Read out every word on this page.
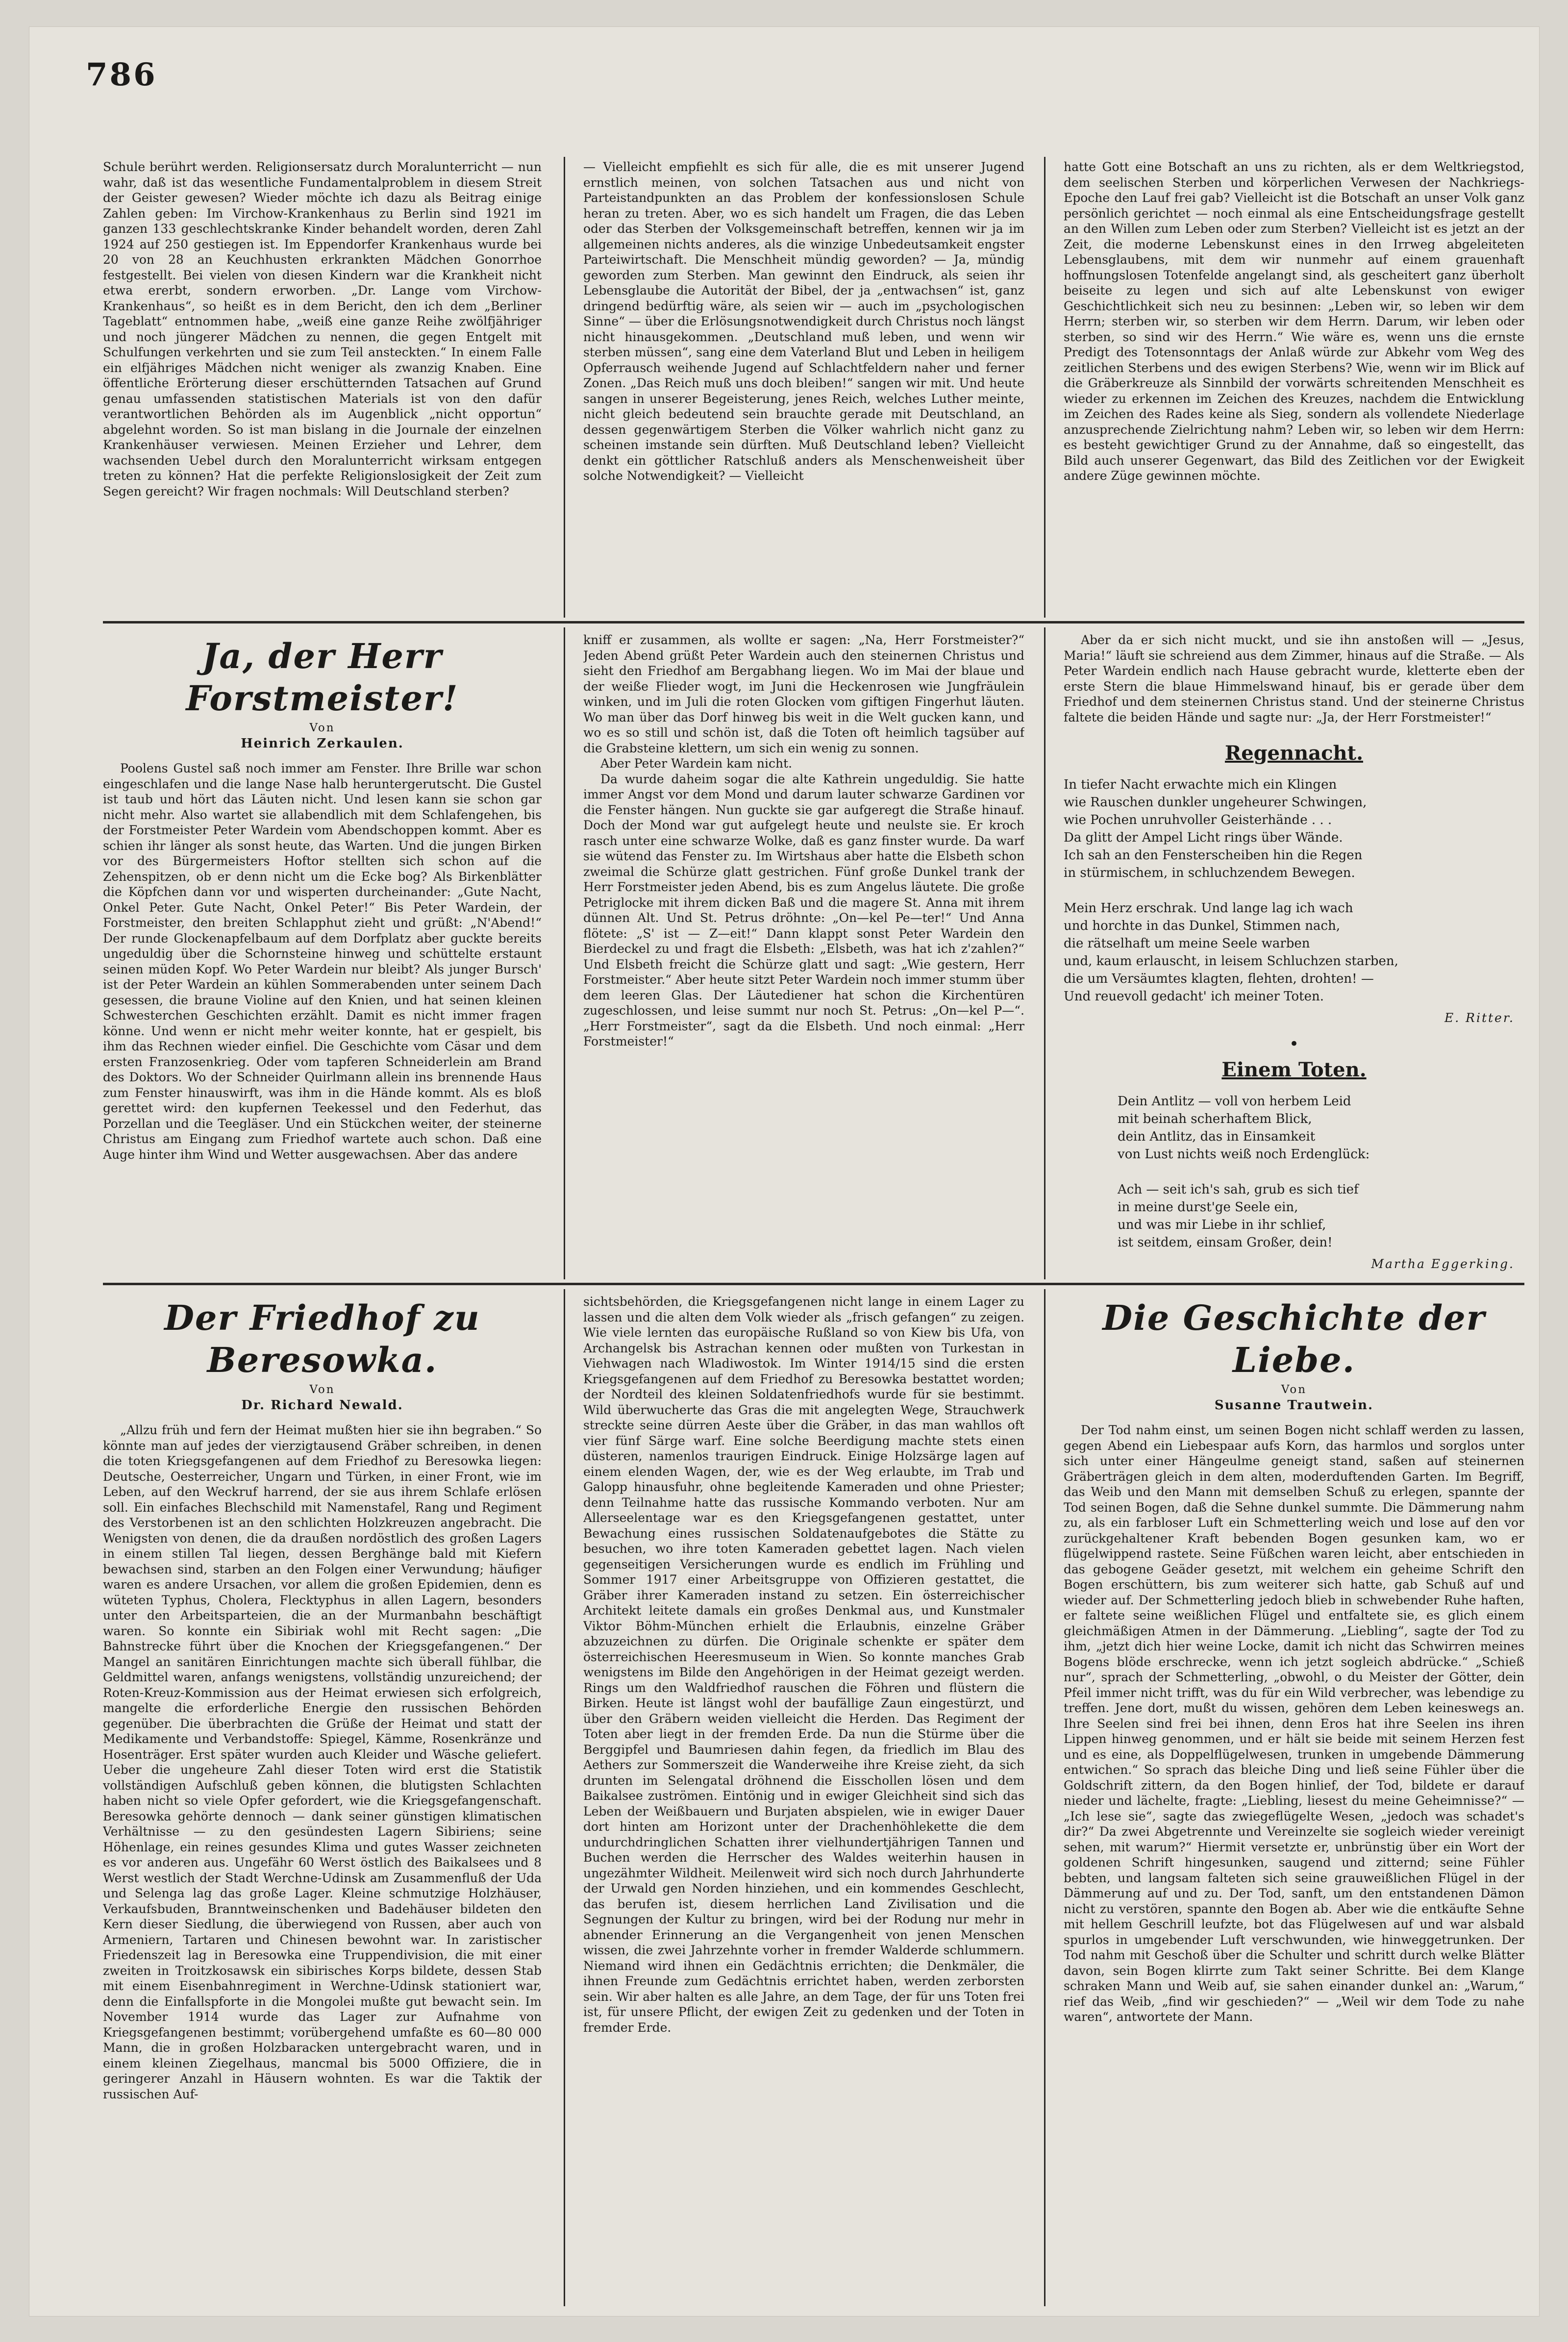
786

Schule berührt werden. Religionsersatz durch Moralunterricht — nun wahr, daß ist das wesentliche Fundamentalproblem in diesem Streit der Geister gewesen? Wieder möchte ich dazu als Beitrag einige Zahlen geben: Im Virchow-Krankenhaus zu Berlin sind 1921 im ganzen 133 geschlechtskranke Kinder behandelt worden, deren Zahl 1924 auf 250 gestiegen ist. Im Eppendorfer Krankenhaus wurde bei 20 von 28 an Keuchhusten erkrankten Mädchen Gonorrhoe festgestellt. Bei vielen von diesen Kindern war die Krankheit nicht etwa ererbt, sondern erworben. „Dr. Lange vom Virchow-Krankenhaus“, so heißt es in dem Bericht, den ich dem „Berliner Tageblatt“ entnommen habe, „weiß eine ganze Reihe zwölfjähriger und noch jüngerer Mädchen zu nennen, die gegen Entgelt mit Schulfungen verkehrten und sie zum Teil ansteckten.“ In einem Falle ein elfjähriges Mädchen nicht weniger als zwanzig Knaben. Eine öffentliche Erörterung dieser erschütternden Tatsachen auf Grund genau umfassenden statistischen Materials ist von den dafür verantwortlichen Behörden als im Augenblick „nicht opportun“ abgelehnt worden. So ist man bislang in die Journale der einzelnen Krankenhäuser verwiesen. Meinen Erzieher und Lehrer, dem wachsenden Uebel durch den Moralunterricht wirksam entgegen treten zu können? Hat die perfekte Religionslosigkeit der Zeit zum Segen gereicht? Wir fragen nochmals: Will Deutschland sterben?

— Vielleicht empfiehlt es sich für alle, die es mit unserer Jugend ernstlich meinen, von solchen Tatsachen aus und nicht von Parteistandpunkten an das Problem der konfessionslosen Schule heran zu treten. Aber, wo es sich handelt um Fragen, die das Leben oder das Sterben der Volksgemeinschaft betreffen, kennen wir ja im allgemeinen nichts anderes, als die winzige Unbedeutsamkeit engster Parteiwirtschaft. Die Menschheit mündig geworden? — Ja, mündig geworden zum Sterben. Man gewinnt den Eindruck, als seien ihr Lebensglaube die Autorität der Bibel, der ja „entwachsen“ ist, ganz dringend bedürftig wäre, als seien wir — auch im „psychologischen Sinne“ — über die Erlösungsnotwendigkeit durch Christus noch längst nicht hinausgekommen. „Deutschland muß leben, und wenn wir sterben müssen“, sang eine dem Vaterland Blut und Leben in heiligem Opferrausch weihende Jugend auf Schlachtfeldern naher und ferner Zonen. „Das Reich muß uns doch bleiben!“ sangen wir mit. Und heute sangen in unserer Begeisterung, jenes Reich, welches Luther meinte, nicht gleich bedeutend sein brauchte gerade mit Deutschland, an dessen gegenwärtigem Sterben die Völker wahrlich nicht ganz zu scheinen imstande sein dürften. Muß Deutschland leben? Vielleicht denkt ein göttlicher Ratschluß anders als Menschenweisheit über solche Notwendigkeit? — Vielleicht

hatte Gott eine Botschaft an uns zu richten, als er dem Weltkriegstod, dem seelischen Sterben und körperlichen Verwesen der Nachkriegs-Epoche den Lauf frei gab? Vielleicht ist die Botschaft an unser Volk ganz persönlich gerichtet — noch einmal als eine Entscheidungsfrage gestellt an den Willen zum Leben oder zum Sterben? Vielleicht ist es jetzt an der Zeit, die moderne Lebenskunst eines in den Irrweg abgeleiteten Lebensglaubens, mit dem wir nunmehr auf einem grauenhaft hoffnungslosen Totenfelde angelangt sind, als gescheitert ganz überholt beiseite zu legen und sich auf alte Lebenskunst von ewiger Geschichtlichkeit sich neu zu besinnen: „Leben wir, so leben wir dem Herrn; sterben wir, so sterben wir dem Herrn. Darum, wir leben oder sterben, so sind wir des Herrn.“ Wie wäre es, wenn uns die ernste Predigt des Totensonntags der Anlaß würde zur Abkehr vom Weg des zeitlichen Sterbens und des ewigen Sterbens? Wie, wenn wir im Blick auf die Gräberkreuze als Sinnbild der vorwärts schreitenden Menschheit es wieder zu erkennen im Zeichen des Kreuzes, nachdem die Entwicklung im Zeichen des Rades keine als Sieg, sondern als vollendete Niederlage anzusprechende Zielrichtung nahm? Leben wir, so leben wir dem Herrn: es besteht gewichtiger Grund zu der Annahme, daß so eingestellt, das Bild auch unserer Gegenwart, das Bild des Zeitlichen vor der Ewigkeit andere Züge gewinnen möchte.

Ja, der Herr Forstmeister!
Von
Heinrich Zerkaulen.

Poolens Gustel saß noch immer am Fenster. Ihre Brille war schon eingeschlafen und die lange Nase halb heruntergerutscht. Die Gustel ist taub und hört das Läuten nicht. Und lesen kann sie schon gar nicht mehr. Also wartet sie allabendlich mit dem Schlafengehen, bis der Forstmeister Peter Wardein vom Abendschoppen kommt. Aber es schien ihr länger als sonst heute, das Warten. Und die jungen Birken vor des Bürgermeisters Hoftor stellten sich schon auf die Zehenspitzen, ob er denn nicht um die Ecke bog? Als Birkenblätter die Köpfchen dann vor und wisperten durcheinander: „Gute Nacht, Onkel Peter. Gute Nacht, Onkel Peter!“ Bis Peter Wardein, der Forstmeister, den breiten Schlapphut zieht und grüßt: „N'Abend!“ Der runde Glockenapfelbaum auf dem Dorfplatz aber guckte bereits ungeduldig über die Schornsteine hinweg und schüttelte erstaunt seinen müden Kopf. Wo Peter Wardein nur bleibt? Als junger Bursch' ist der Peter Wardein an kühlen Sommerabenden unter seinem Dach gesessen, die braune Violine auf den Knien, und hat seinen kleinen Schwesterchen Geschichten erzählt. Damit es nicht immer fragen könne. Und wenn er nicht mehr weiter konnte, hat er gespielt, bis ihm das Rechnen wieder einfiel. Die Geschichte vom Cäsar und dem ersten Franzosenkrieg. Oder vom tapferen Schneiderlein am Brand des Doktors. Wo der Schneider Quirlmann allein ins brennende Haus zum Fenster hinauswirft, was ihm in die Hände kommt. Als es bloß gerettet wird: den kupfernen Teekessel und den Federhut, das Porzellan und die Teegläser. Und ein Stückchen weiter, der steinerne Christus am Eingang zum Friedhof wartete auch schon. Daß eine Auge hinter ihm Wind und Wetter ausgewachsen. Aber das andere

kniff er zusammen, als wollte er sagen: „Na, Herr Forstmeister?“ Jeden Abend grüßt Peter Wardein auch den steinernen Christus und sieht den Friedhof am Bergabhang liegen. Wo im Mai der blaue und der weiße Flieder wogt, im Juni die Heckenrosen wie Jungfräulein winken, und im Juli die roten Glocken vom giftigen Fingerhut läuten. Wo man über das Dorf hinweg bis weit in die Welt gucken kann, und wo es so still und schön ist, daß die Toten oft heimlich tagsüber auf die Grabsteine klettern, um sich ein wenig zu sonnen.

Aber Peter Wardein kam nicht.

Da wurde daheim sogar die alte Kathrein ungeduldig. Sie hatte immer Angst vor dem Mond und darum lauter schwarze Gardinen vor die Fenster hängen. Nun guckte sie gar aufgeregt die Straße hinauf. Doch der Mond war gut aufgelegt heute und neulste sie. Er kroch rasch unter eine schwarze Wolke, daß es ganz finster wurde. Da warf sie wütend das Fenster zu. Im Wirtshaus aber hatte die Elsbeth schon zweimal die Schürze glatt gestrichen. Fünf große Dunkel trank der Herr Forstmeister jeden Abend, bis es zum Angelus läutete. Die große Petriglocke mit ihrem dicken Baß und die magere St. Anna mit ihrem dünnen Alt. Und St. Petrus dröhnte: „On—kel Pe—ter!“ Und Anna flötete: „S' ist — Z—eit!“ Dann klappt sonst Peter Wardein den Bierdeckel zu und fragt die Elsbeth: „Elsbeth, was hat ich z'zahlen?“ Und Elsbeth freicht die Schürze glatt und sagt: „Wie gestern, Herr Forstmeister.“ Aber heute sitzt Peter Wardein noch immer stumm über dem leeren Glas. Der Läutediener hat schon die Kirchentüren zugeschlossen, und leise summt nur noch St. Petrus: „On—kel P—“. „Herr Forstmeister“, sagt da die Elsbeth. Und noch einmal: „Herr Forstmeister!“

Aber da er sich nicht muckt, und sie ihn anstoßen will — „Jesus, Maria!“ läuft sie schreiend aus dem Zimmer, hinaus auf die Straße. — Als Peter Wardein endlich nach Hause gebracht wurde, kletterte eben der erste Stern die blaue Himmelswand hinauf, bis er gerade über dem Friedhof und dem steinernen Christus stand. Und der steinerne Christus faltete die beiden Hände und sagte nur: „Ja, der Herr Forstmeister!“

Regennacht.
In tiefer Nacht erwachte mich ein Klingen
wie Rauschen dunkler ungeheurer Schwingen,
wie Pochen unruhvoller Geisterhände . . .
Da glitt der Ampel Licht rings über Wände.
Ich sah an den Fensterscheiben hin die Regen
in stürmischem, in schluchzendem Bewegen.

Mein Herz erschrak. Und lange lag ich wach
und horchte in das Dunkel, Stimmen nach,
die rätselhaft um meine Seele warben
und, kaum erlauscht, in leisem Schluchzen starben,
die um Versäumtes klagten, flehten, drohten! —
Und reuevoll gedacht' ich meiner Toten.
E. Ritter.
•
Einem Toten.
Dein Antlitz — voll von herbem Leid
mit beinah scherhaftem Blick,
dein Antlitz, das in Einsamkeit
von Lust nichts weiß noch Erdenglück:

Ach — seit ich's sah, grub es sich tief
in meine durst'ge Seele ein,
und was mir Liebe in ihr schlief,
ist seitdem, einsam Großer, dein!
Martha Eggerking.
Der Friedhof zu Beresowka.
Von
Dr. Richard Newald.

„Allzu früh und fern der Heimat mußten hier sie ihn begraben.“ So könnte man auf jedes der vierzigtausend Gräber schreiben, in denen die toten Kriegsgefangenen auf dem Friedhof zu Beresowka liegen: Deutsche, Oesterreicher, Ungarn und Türken, in einer Front, wie im Leben, auf den Weckruf harrend, der sie aus ihrem Schlafe erlösen soll. Ein einfaches Blechschild mit Namenstafel, Rang und Regiment des Verstorbenen ist an den schlichten Holzkreuzen angebracht. Die Wenigsten von denen, die da draußen nordöstlich des großen Lagers in einem stillen Tal liegen, dessen Berghänge bald mit Kiefern bewachsen sind, starben an den Folgen einer Verwundung; häufiger waren es andere Ursachen, vor allem die großen Epidemien, denn es wüteten Typhus, Cholera, Flecktyphus in allen Lagern, besonders unter den Arbeitsparteien, die an der Murmanbahn beschäftigt waren. So konnte ein Sibiriak wohl mit Recht sagen: „Die Bahnstrecke führt über die Knochen der Kriegsgefangenen.“ Der Mangel an sanitären Einrichtungen machte sich überall fühlbar, die Geldmittel waren, anfangs wenigstens, vollständig unzureichend; der Roten-Kreuz-Kommission aus der Heimat erwiesen sich erfolgreich, mangelte die erforderliche Energie den russischen Behörden gegenüber. Die überbrachten die Grüße der Heimat und statt der Medikamente und Verbandstoffe: Spiegel, Kämme, Rosenkränze und Hosenträger. Erst später wurden auch Kleider und Wäsche geliefert. Ueber die ungeheure Zahl dieser Toten wird erst die Statistik vollständigen Aufschluß geben können, die blutigsten Schlachten haben nicht so viele Opfer gefordert, wie die Kriegsgefangenschaft. Beresowka gehörte dennoch — dank seiner günstigen klimatischen Verhältnisse — zu den gesündesten Lagern Sibiriens; seine Höhenlage, ein reines gesundes Klima und gutes Wasser zeichneten es vor anderen aus. Ungefähr 60 Werst östlich des Baikalsees und 8 Werst westlich der Stadt Werchne-Udinsk am Zusammenfluß der Uda und Selenga lag das große Lager. Kleine schmutzige Holzhäuser, Verkaufsbuden, Branntweinschenken und Badehäuser bildeten den Kern dieser Siedlung, die überwiegend von Russen, aber auch von Armeniern, Tartaren und Chinesen bewohnt war. In zaristischer Friedenszeit lag in Beresowka eine Truppendivision, die mit einer zweiten in Troitzkosawsk ein sibirisches Korps bildete, dessen Stab mit einem Eisenbahnregiment in Werchne-Udinsk stationiert war, denn die Einfallspforte in die Mongolei mußte gut bewacht sein. Im November 1914 wurde das Lager zur Aufnahme von Kriegsgefangenen bestimmt; vorübergehend umfaßte es 60—80 000 Mann, die in großen Holzbaracken untergebracht waren, und in einem kleinen Ziegelhaus, mancmal bis 5000 Offiziere, die in geringerer Anzahl in Häusern wohnten. Es war die Taktik der russischen Auf-

sichtsbehörden, die Kriegsgefangenen nicht lange in einem Lager zu lassen und die alten dem Volk wieder als „frisch gefangen“ zu zeigen. Wie viele lernten das europäische Rußland so von Kiew bis Ufa, von Archangelsk bis Astrachan kennen oder mußten von Turkestan in Viehwagen nach Wladiwostok. Im Winter 1914/15 sind die ersten Kriegsgefangenen auf dem Friedhof zu Beresowka bestattet worden; der Nordteil des kleinen Soldatenfriedhofs wurde für sie bestimmt. Wild überwucherte das Gras die mit angelegten Wege, Strauchwerk streckte seine dürren Aeste über die Gräber, in das man wahllos oft vier fünf Särge warf. Eine solche Beerdigung machte stets einen düsteren, namenlos traurigen Eindruck. Einige Holzsärge lagen auf einem elenden Wagen, der, wie es der Weg erlaubte, im Trab und Galopp hinausfuhr, ohne begleitende Kameraden und ohne Priester; denn Teilnahme hatte das russische Kommando verboten. Nur am Allerseelentage war es den Kriegsgefangenen gestattet, unter Bewachung eines russischen Soldatenaufgebotes die Stätte zu besuchen, wo ihre toten Kameraden gebettet lagen. Nach vielen gegenseitigen Versicherungen wurde es endlich im Frühling und Sommer 1917 einer Arbeitsgruppe von Offizieren gestattet, die Gräber ihrer Kameraden instand zu setzen. Ein österreichischer Architekt leitete damals ein großes Denkmal aus, und Kunstmaler Viktor Böhm-München erhielt die Erlaubnis, einzelne Gräber abzuzeichnen zu dürfen. Die Originale schenkte er später dem österreichischen Heeresmuseum in Wien. So konnte manches Grab wenigstens im Bilde den Angehörigen in der Heimat gezeigt werden. Rings um den Waldfriedhof rauschen die Föhren und flüstern die Birken. Heute ist längst wohl der baufällige Zaun eingestürzt, und über den Gräbern weiden vielleicht die Herden. Das Regiment der Toten aber liegt in der fremden Erde. Da nun die Stürme über die Berggipfel und Baumriesen dahin fegen, da friedlich im Blau des Aethers zur Sommerszeit die Wanderweihe ihre Kreise zieht, da sich drunten im Selengatal dröhnend die Eisschollen lösen und dem Baikalsee zuströmen. Eintönig und in ewiger Gleichheit sind sich das Leben der Weißbauern und Burjaten abspielen, wie in ewiger Dauer dort hinten am Horizont unter der Drachenhöhlekette die dem undurchdringlichen Schatten ihrer vielhundertjährigen Tannen und Buchen werden die Herrscher des Waldes weiterhin hausen in ungezähmter Wildheit. Meilenweit wird sich noch durch Jahrhunderte der Urwald gen Norden hinziehen, und ein kommendes Geschlecht, das berufen ist, diesem herrlichen Land Zivilisation und die Segnungen der Kultur zu bringen, wird bei der Rodung nur mehr in abnender Erinnerung an die Vergangenheit von jenen Menschen wissen, die zwei Jahrzehnte vorher in fremder Walderde schlummern. Niemand wird ihnen ein Gedächtnis errichten; die Denkmäler, die ihnen Freunde zum Gedächtnis errichtet haben, werden zerborsten sein. Wir aber halten es alle Jahre, an dem Tage, der für uns Toten frei ist, für unsere Pflicht, der ewigen Zeit zu gedenken und der Toten in fremder Erde.

Die Geschichte der Liebe.
Von
Susanne Trautwein.

Der Tod nahm einst, um seinen Bogen nicht schlaff werden zu lassen, gegen Abend ein Liebespaar aufs Korn, das harmlos und sorglos unter sich unter einer Hängeulme geneigt stand, saßen auf steinernen Gräberträgen gleich in dem alten, moderduftenden Garten. Im Begriff, das Weib und den Mann mit demselben Schuß zu erlegen, spannte der Tod seinen Bogen, daß die Sehne dunkel summte. Die Dämmerung nahm zu, als ein farbloser Luft ein Schmetterling weich und lose auf den vor zurückgehaltener Kraft bebenden Bogen gesunken kam, wo er flügelwippend rastete. Seine Füßchen waren leicht, aber entschieden in das gebogene Geäder gesetzt, mit welchem ein geheime Schrift den Bogen erschüttern, bis zum weiterer sich hatte, gab Schuß auf und wieder auf. Der Schmetterling jedoch blieb in schwebender Ruhe haften, er faltete seine weißlichen Flügel und entfaltete sie, es glich einem gleichmäßigen Atmen in der Dämmerung. „Liebling“, sagte der Tod zu ihm, „jetzt dich hier weine Locke, damit ich nicht das Schwirren meines Bogens blöde erschrecke, wenn ich jetzt sogleich abdrücke.“ „Schieß nur“, sprach der Schmetterling, „obwohl, o du Meister der Götter, dein Pfeil immer nicht trifft, was du für ein Wild verbrecher, was lebendige zu treffen. Jene dort, mußt du wissen, gehören dem Leben keineswegs an. Ihre Seelen sind frei bei ihnen, denn Eros hat ihre Seelen ins ihren Lippen hinweg genommen, und er hält sie beide mit seinem Herzen fest und es eine, als Doppelflügelwesen, trunken in umgebende Dämmerung entwichen.“ So sprach das bleiche Ding und ließ seine Fühler über die Goldschrift zittern, da den Bogen hinlief, der Tod, bildete er darauf nieder und lächelte, fragte: „Liebling, liesest du meine Geheimnisse?“ — „Ich lese sie“, sagte das zwiegeflügelte Wesen, „jedoch was schadet's dir?“ Da zwei Abgetrennte und Vereinzelte sie sogleich wieder vereinigt sehen, mit warum?“ Hiermit versetzte er, unbrünstig über ein Wort der goldenen Schrift hingesunken, saugend und zitternd; seine Fühler bebten, und langsam falteten sich seine grauweißlichen Flügel in der Dämmerung auf und zu. Der Tod, sanft, um den entstandenen Dämon nicht zu verstören, spannte den Bogen ab. Aber wie die entkäufte Sehne mit hellem Geschrill leufzte, bot das Flügelwesen auf und war alsbald spurlos in umgebender Luft verschwunden, wie hinweggetrunken. Der Tod nahm mit Geschoß über die Schulter und schritt durch welke Blätter davon, sein Bogen klirrte zum Takt seiner Schritte. Bei dem Klange schraken Mann und Weib auf, sie sahen einander dunkel an: „Warum,“ rief das Weib, „find wir geschieden?“ — „Weil wir dem Tode zu nahe waren“, antwortete der Mann.
